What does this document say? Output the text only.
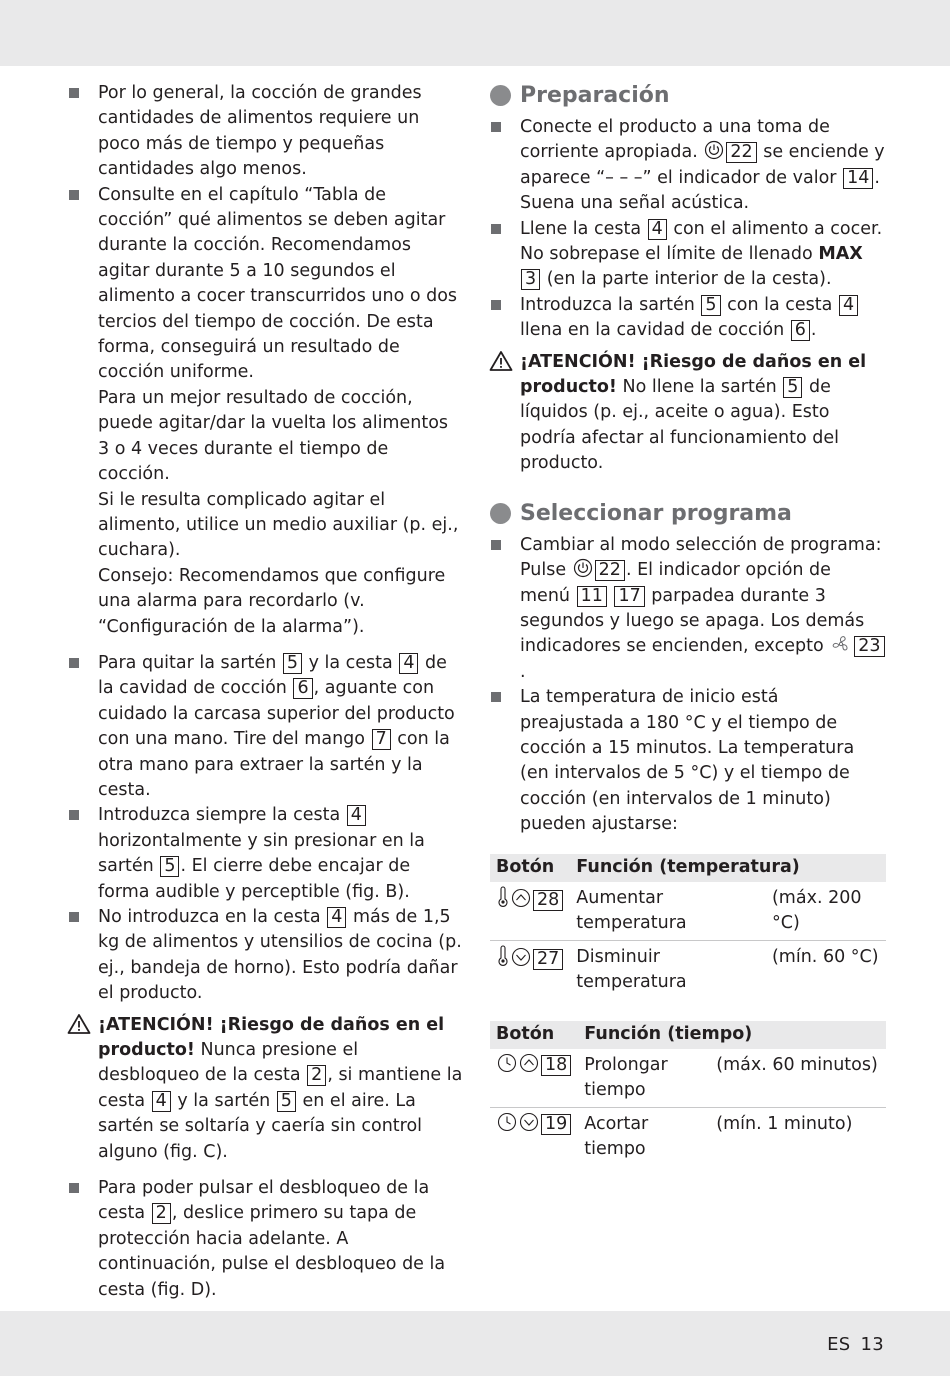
Por lo general, la cocción de grandes cantidades de alimentos requiere un poco más de tiempo y pequeñas cantidades algo menos.
Consulte en el capítulo “Tabla de cocción” qué alimentos se deben agitar durante la cocción. Recomendamos agitar durante 5 a 10 segundos el alimento a cocer transcurridos uno o dos tercios del tiempo de cocción. De esta forma, conseguirá un resultado de cocción uniforme.
Para un mejor resultado de cocción, puede agitar/dar la vuelta los alimentos 3 o 4 veces durante el tiempo de cocción.
Si le resulta complicado agitar el alimento, utilice un medio auxiliar (p. ej., cuchara).
Consejo: Recomendamos que configure una alarma para recordarlo (v. “Configuración de la alarma”).
Para quitar la sartén 5 y la cesta 4 de la cavidad de cocción 6 , aguante con cuidado la carcasa superior del producto con una mano. Tire del mango 7 con la otra mano para extraer la sartén y la cesta.
Introduzca siempre la cesta 4 horizontalmente y sin presionar en la sartén 5 . El cierre debe encajar de forma audible y perceptible (fig. B).
No introduzca en la cesta 4 más de 1,5 kg de alimentos y utensilios de cocina (p. ej., bandeja de horno). Esto podría dañar el producto.
¡ATENCIÓN! ¡Riesgo de daños en el producto! Nunca presione el desbloqueo de la cesta 2 , si mantiene la cesta 4 y la sartén 5 en el aire. La sartén se soltaría y caería sin control alguno (fig. C).
Para poder pulsar el desbloqueo de la cesta 2 , deslice primero su tapa de protección hacia adelante. A continuación, pulse el desbloqueo de la cesta (fig. D).
Preparación
Conecte el producto a una toma de corriente apropiada. 22 se enciende y aparece “– – –” el indicador de valor 14 . Suena una señal acústica.
Llene la cesta 4 con el alimento a cocer. No sobrepase el límite de llenado MAX 3 (en la parte interior de la cesta).
Introduzca la sartén 5 con la cesta 4 llena en la cavidad de cocción 6 .
¡ATENCIÓN! ¡Riesgo de daños en el producto! No llene la sartén 5 de líquidos (p. ej., aceite o agua). Esto podría afectar al funcionamiento del producto.
Seleccionar programa
Cambiar al modo selección de programa: Pulse 22 . El indicador opción de menú 11 17 parpadea durante 3 segundos y luego se apaga. Los demás indicadores se encienden, excepto 23.
La temperatura de inicio está preajustada a 180 °C y el tiempo de cocción a 15 minutos. La temperatura (en intervalos de 5 °C) y el tiempo de cocción (en intervalos de 1 minuto) pueden ajustarse:
Botón	Función (temperatura)	
28	Aumentar temperatura	(máx. 200 °C)
27	Disminuir temperatura	(mín. 60 °C)
Botón	Función (tiempo)	
18	Prolongar tiempo	(máx. 60 minutos)
19	Acortar tiempo	(mín. 1 minuto)
ES 13
